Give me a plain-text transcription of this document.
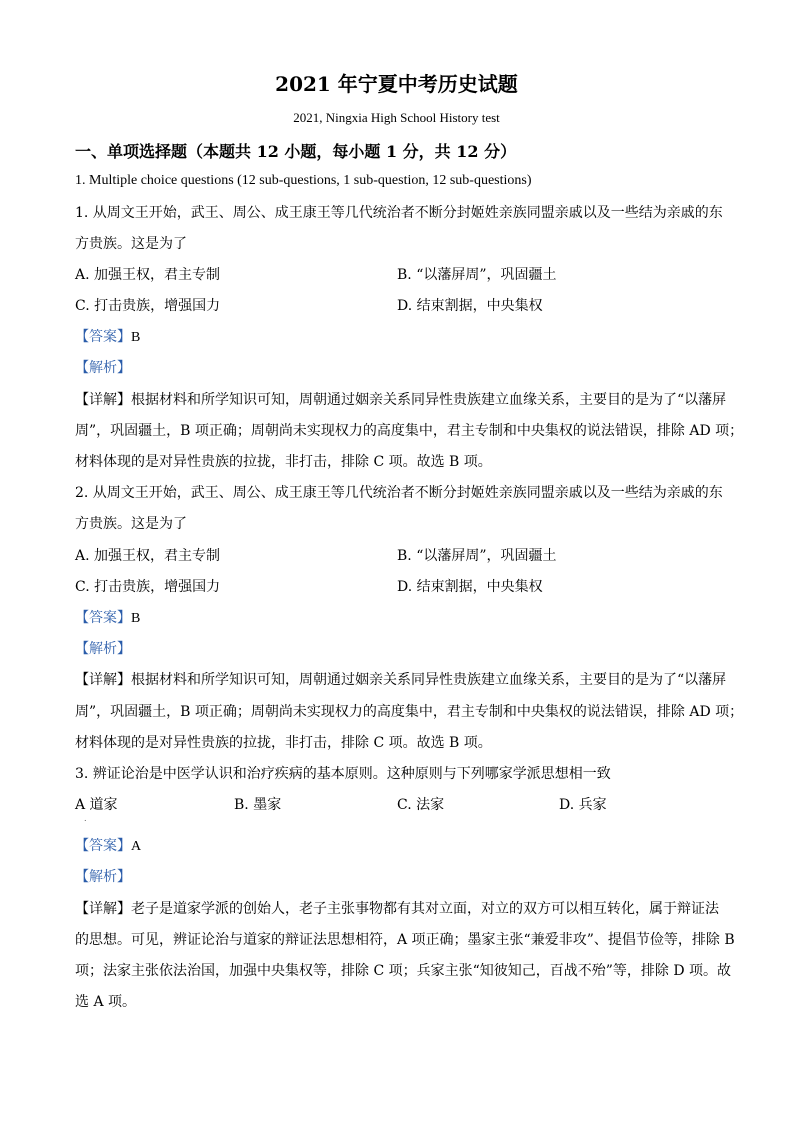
2021 年宁夏中考历史试题
2021, Ningxia High School History test
一、单项选择题（本题共 12 小题，每小题 1 分，共 12 分）
1. Multiple choice questions (12 sub-questions, 1 sub-question, 12 sub-questions)
1. 从周文王开始，武王、周公、成王康王等几代统治者不断分封姬姓亲族同盟亲戚以及一些结为亲戚的东
方贵族。这是为了
A. 加强王权，君主专制	B. “以藩屏周”，巩固疆土
C. 打击贵族，增强国力	D. 结束割据，中央集权
【答案】B
【解析】
【详解】根据材料和所学知识可知，周朝通过姻亲关系同异性贵族建立血缘关系，主要目的是为了“以藩屏
周”，巩固疆土，B 项正确；周朝尚未实现权力的高度集中，君主专制和中央集权的说法错误，排除 AD 项；
材料体现的是对异性贵族的拉拢，非打击，排除 C 项。故选 B 项。
2. 从周文王开始，武王、周公、成王康王等几代统治者不断分封姬姓亲族同盟亲戚以及一些结为亲戚的东
方贵族。这是为了
A. 加强王权，君主专制	B. “以藩屏周”，巩固疆土
C. 打击贵族，增强国力	D. 结束割据，中央集权
【答案】B
【解析】
【详解】根据材料和所学知识可知，周朝通过姻亲关系同异性贵族建立血缘关系，主要目的是为了“以藩屏
周”，巩固疆土，B 项正确；周朝尚未实现权力的高度集中，君主专制和中央集权的说法错误，排除 AD 项；
材料体现的是对异性贵族的拉拢，非打击，排除 C 项。故选 B 项。
3. 辨证论治是中医学认识和治疗疾病的基本原则。这种原则与下列哪家学派思想相一致
A 道家	B. 墨家	C. 法家	D. 兵家
.
【答案】A
【解析】
【详解】老子是道家学派的创始人，老子主张事物都有其对立面，对立的双方可以相互转化，属于辩证法
的思想。可见，辨证论治与道家的辩证法思想相符，A 项正确；墨家主张“兼爱非攻”、提倡节俭等，排除 B
项；法家主张依法治国，加强中央集权等，排除 C 项；兵家主张“知彼知己，百战不殆”等，排除 D 项。故
选 A 项。
